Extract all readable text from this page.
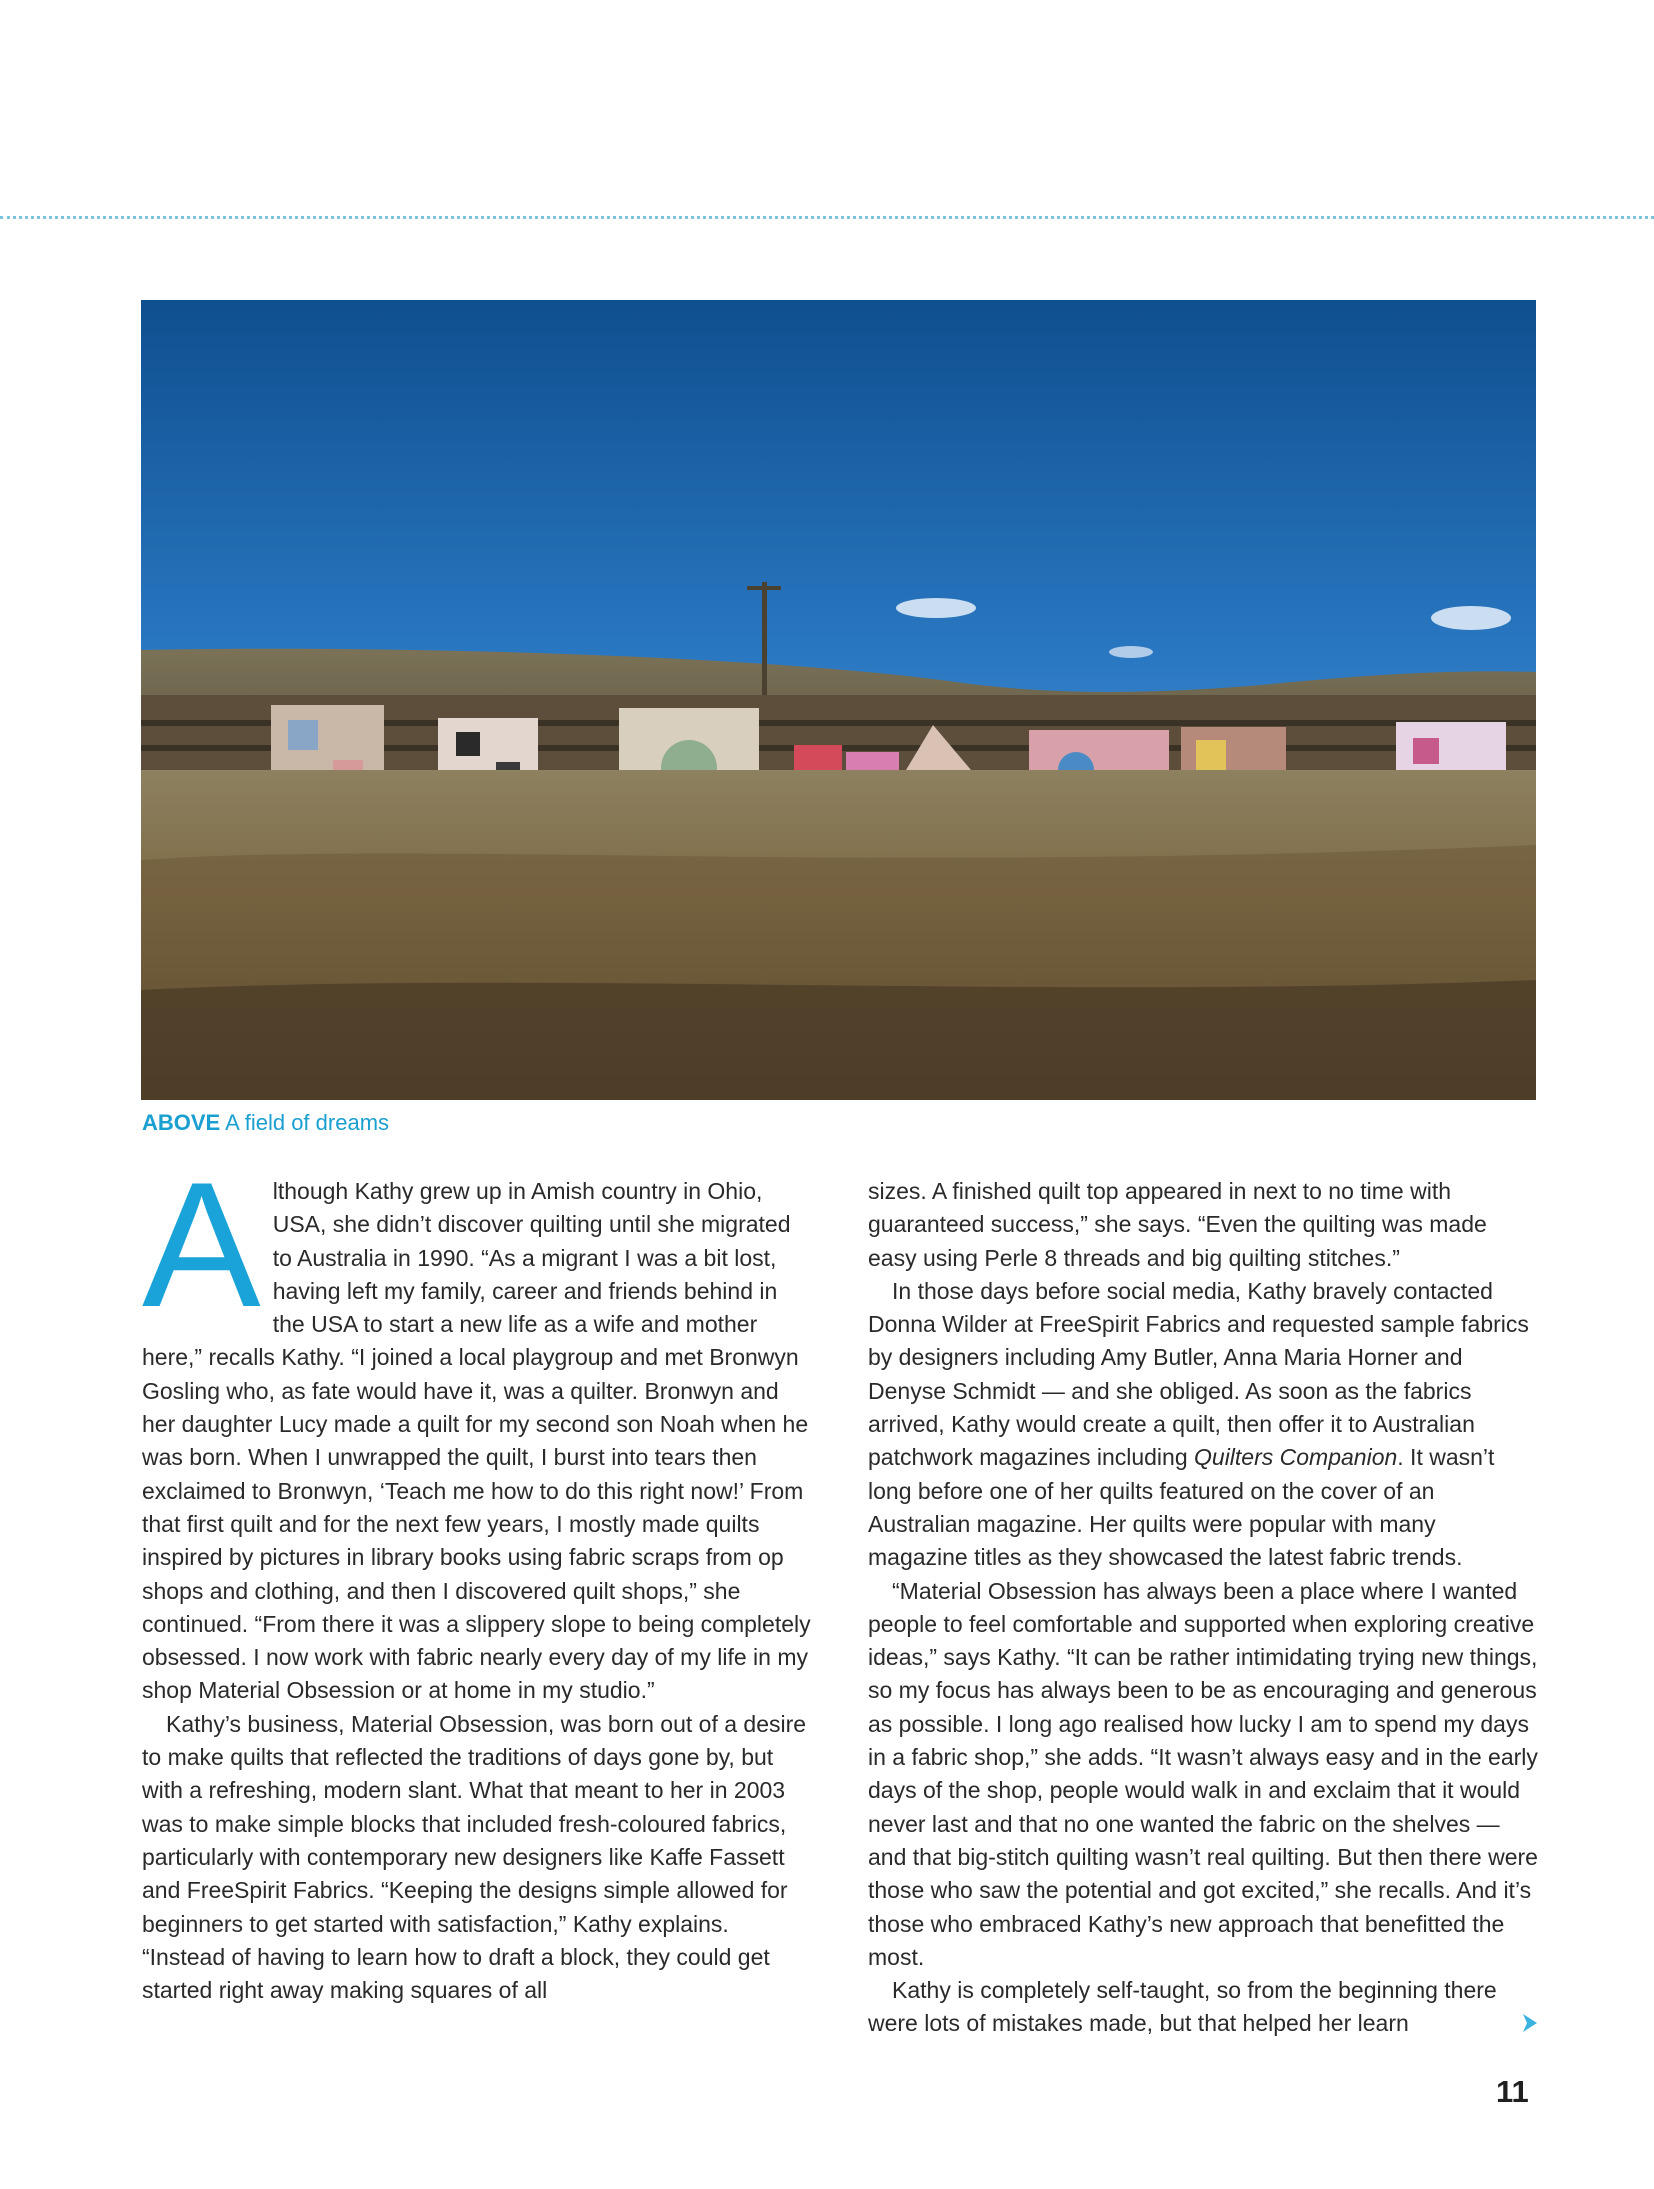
ABOVE A field of dreams

Although Kathy grew up in Amish country in Ohio, USA, she didn’t discover quilting until she migrated to Australia in 1990. “As a migrant I was a bit lost, having left my family, career and friends behind in the USA to start a new life as a wife and mother here,” recalls Kathy. “I joined a local playgroup and met Bronwyn Gosling who, as fate would have it, was a quilter. Bronwyn and her daughter Lucy made a quilt for my second son Noah when he was born. When I unwrapped the quilt, I burst into tears then exclaimed to Bronwyn, ‘Teach me how to do this right now!’ From that first quilt and for the next few years, I mostly made quilts inspired by pictures in library books using fabric scraps from op shops and clothing, and then I discovered quilt shops,” she continued. “From there it was a slippery slope to being completely obsessed. I now work with fabric nearly every day of my life in my shop Material Obsession or at home in my studio.”

Kathy’s business, Material Obsession, was born out of a desire to make quilts that reflected the traditions of days gone by, but with a refreshing, modern slant. What that meant to her in 2003 was to make simple blocks that included fresh-coloured fabrics, particularly with contemporary new designers like Kaffe Fassett and FreeSpirit Fabrics. “Keeping the designs simple allowed for beginners to get started with satisfaction,” Kathy explains. “Instead of having to learn how to draft a block, they could get started right away making squares of all

sizes. A finished quilt top appeared in next to no time with guaranteed success,” she says. “Even the quilting was made easy using Perle 8 threads and big quilting stitches.”

In those days before social media, Kathy bravely contacted Donna Wilder at FreeSpirit Fabrics and requested sample fabrics by designers including Amy Butler, Anna Maria Horner and Denyse Schmidt — and she obliged. As soon as the fabrics arrived, Kathy would create a quilt, then offer it to Australian patchwork magazines including Quilters Companion. It wasn’t long before one of her quilts featured on the cover of an Australian magazine. Her quilts were popular with many magazine titles as they showcased the latest fabric trends.

“Material Obsession has always been a place where I wanted people to feel comfortable and supported when exploring creative ideas,” says Kathy. “It can be rather intimidating trying new things, so my focus has always been to be as encouraging and generous as possible. I long ago realised how lucky I am to spend my days in a fabric shop,” she adds. “It wasn’t always easy and in the early days of the shop, people would walk in and exclaim that it would never last and that no one wanted the fabric on the shelves — and that big-stitch quilting wasn’t real quilting. But then there were those who saw the potential and got excited,” she recalls. And it’s those who embraced Kathy’s new approach that benefitted the most.

Kathy is completely self-taught, so from the beginning there were lots of mistakes made, but that helped her learn

11
